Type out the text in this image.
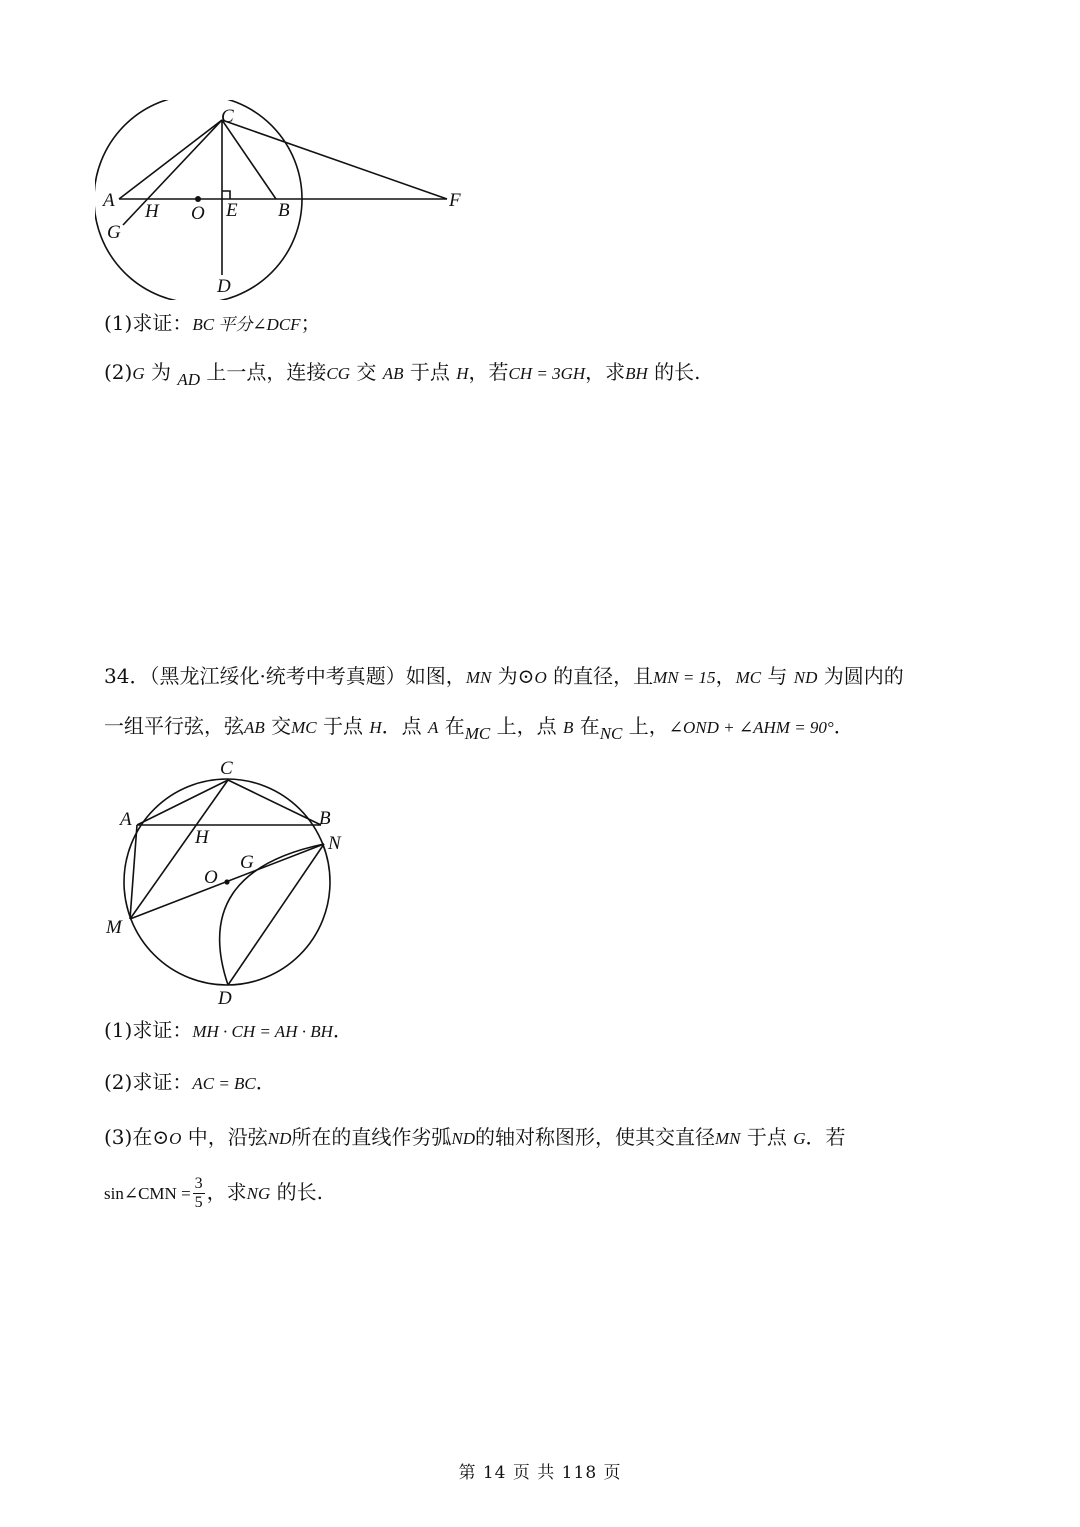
C
A
H O E B	F
G
D
(1)求证：BC 平分∠DCF；
(2)G 为 $_{AD}$ 上一点，连接CG 交 AB 于点 H，若CH = 3GH，求BH 的长.
34．（黑龙江绥化·统考中考真题）如图，MN 为⊙O 的直径，且MN = 15，MC 与 ND 为圆内的
一组平行弦，弦AB 交MC 于点 H．点 A 在$_{MC}$ 上，点 B 在$_{NC}$ 上，∠OND + ∠AHM = 90°．
C
A
H
B
N
G
O
M
D
(1)求证：MH · CH = AH · BH．
(2)求证：AC = BC．
(3)在⊙O 中，沿弦ND所在的直线作劣弧ND的轴对称图形，使其交直径MN 于点 G．若
sin∠CMN = $\frac{3}{5}$ ，求NG 的长.
第 14 页 共 118 页
